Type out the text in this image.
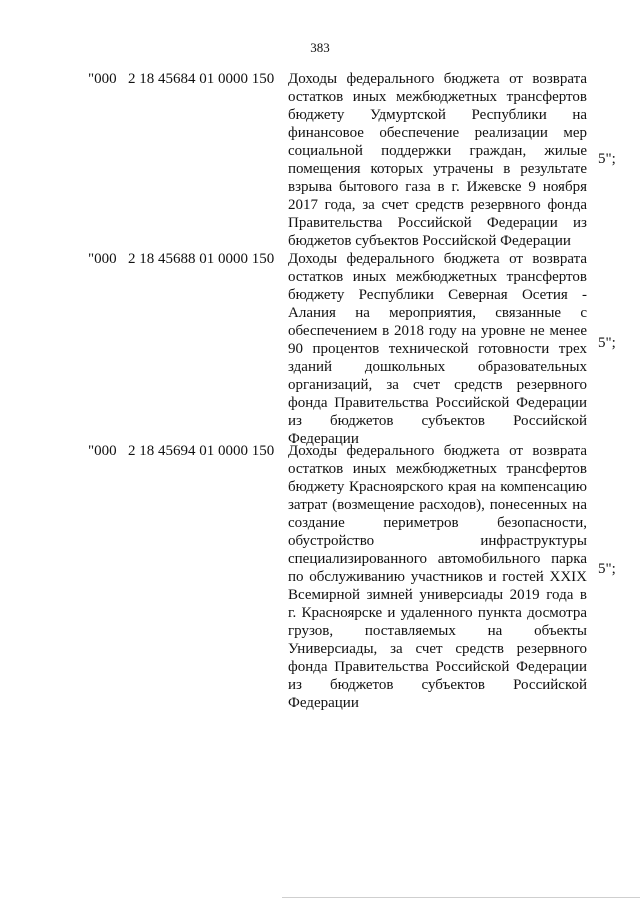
383
"000 2 18 45684 01 0000 150 Доходы федерального бюджета от возврата
остатков иных межбюджетных трансфертов
бюджету Удмуртской Республики на
финансовое обеспечение реализации мер
социальной поддержки граждан, жилые
помещения которых утрачены в результате
взрыва бытового газа в г. Ижевске 9 ноября
2017 года, за счет средств резервного фонда
Правительства Российской Федерации из
бюджетов субъектов Российской Федерации
5";
"000 2 18 45688 01 0000 150 Доходы федерального бюджета от возврата
остатков иных межбюджетных трансфертов
бюджету Республики Северная Осетия -
Алания на мероприятия, связанные с
обеспечением в 2018 году на уровне не менее
90 процентов технической готовности трех
зданий дошкольных образовательных
организаций, за счет средств резервного
фонда Правительства Российской Федерации
из бюджетов субъектов Российской
Федерации
5";
"000 2 18 45694 01 0000 150 Доходы федерального бюджета от возврата
остатков иных межбюджетных трансфертов
бюджету Красноярского края на компенсацию
затрат (возмещение расходов), понесенных на
создание периметров безопасности,
обустройство инфраструктуры
специализированного автомобильного парка
по обслуживанию участников и гостей XXIX
Всемирной зимней универсиады 2019 года в
г. Красноярске и удаленного пункта досмотра
грузов, поставляемых на объекты
Универсиады, за счет средств резервного
фонда Правительства Российской Федерации
из бюджетов субъектов Российской
Федерации
5";
